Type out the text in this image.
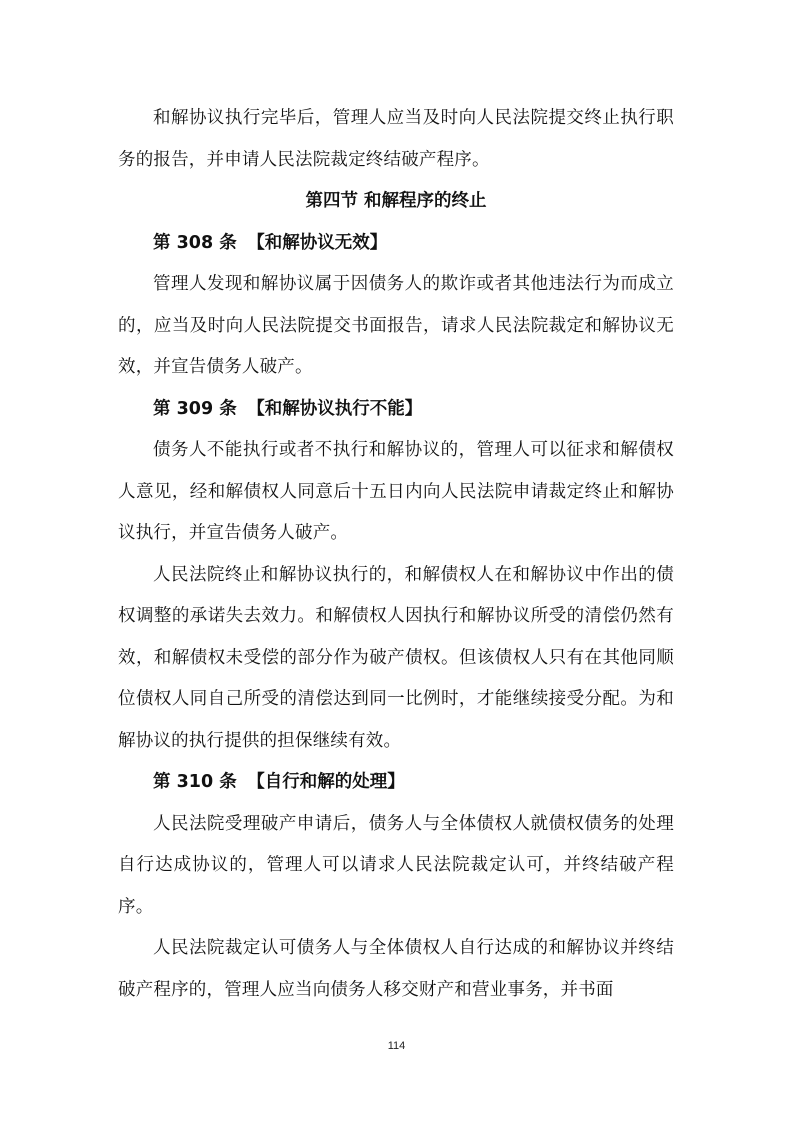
和解协议执行完毕后，管理人应当及时向人民法院提交终止执行职务的报告，并申请人民法院裁定终结破产程序。

第四节 和解程序的终止
第 308 条 【和解协议无效】

管理人发现和解协议属于因债务人的欺诈或者其他违法行为而成立的，应当及时向人民法院提交书面报告，请求人民法院裁定和解协议无效，并宣告债务人破产。

第 309 条 【和解协议执行不能】

债务人不能执行或者不执行和解协议的，管理人可以征求和解债权人意见，经和解债权人同意后十五日内向人民法院申请裁定终止和解协议执行，并宣告债务人破产。

人民法院终止和解协议执行的，和解债权人在和解协议中作出的债权调整的承诺失去效力。和解债权人因执行和解协议所受的清偿仍然有效，和解债权未受偿的部分作为破产债权。但该债权人只有在其他同顺位债权人同自己所受的清偿达到同一比例时，才能继续接受分配。为和解协议的执行提供的担保继续有效。

第 310 条 【自行和解的处理】

人民法院受理破产申请后，债务人与全体债权人就债权债务的处理自行达成协议的，管理人可以请求人民法院裁定认可，并终结破产程序。

人民法院裁定认可债务人与全体债权人自行达成的和解协议并终结破产程序的，管理人应当向债务人移交财产和营业事务，并书面

114
